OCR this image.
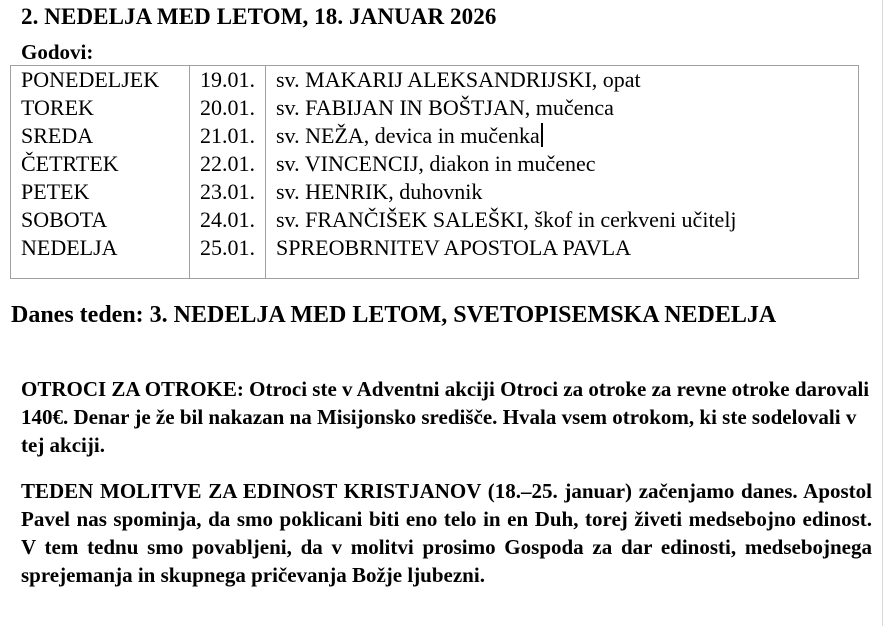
2. NEDELJA MED LETOM, 18. JANUAR 2026
Godovi:
PONEDELJEK	19.01.	sv. MAKARIJ ALEKSANDRIJSKI, opat
TOREK	20.01.	sv. FABIJAN IN BOŠTJAN, mučenca
SREDA	21.01.	sv. NEŽA, devica in mučenka
ČETRTEK	22.01.	sv. VINCENCIJ, diakon in mučenec
PETEK	23.01.	sv. HENRIK, duhovnik
SOBOTA	24.01.	sv. FRANČIŠEK SALEŠKI, škof in cerkveni učitelj
NEDELJA	25.01.	SPREOBRNITEV APOSTOLA PAVLA
Danes teden: 3. NEDELJA MED LETOM, SVETOPISEMSKA NEDELJA
OTROCI ZA OTROKE: Otroci ste v Adventni akciji Otroci za otroke za revne otroke darovali 140€. Denar je že bil nakazan na Misijonsko središče. Hvala vsem otrokom, ki ste sodelovali v tej akciji.
TEDEN MOLITVE ZA EDINOST KRISTJANOV (18.–25. januar) začenjamo danes. Apostol Pavel nas spominja, da smo poklicani biti eno telo in en Duh, torej živeti medsebojno edinost. V tem tednu smo povabljeni, da v molitvi prosimo Gospoda za dar edinosti, medsebojnega sprejemanja in skupnega pričevanja Božje ljubezni.
